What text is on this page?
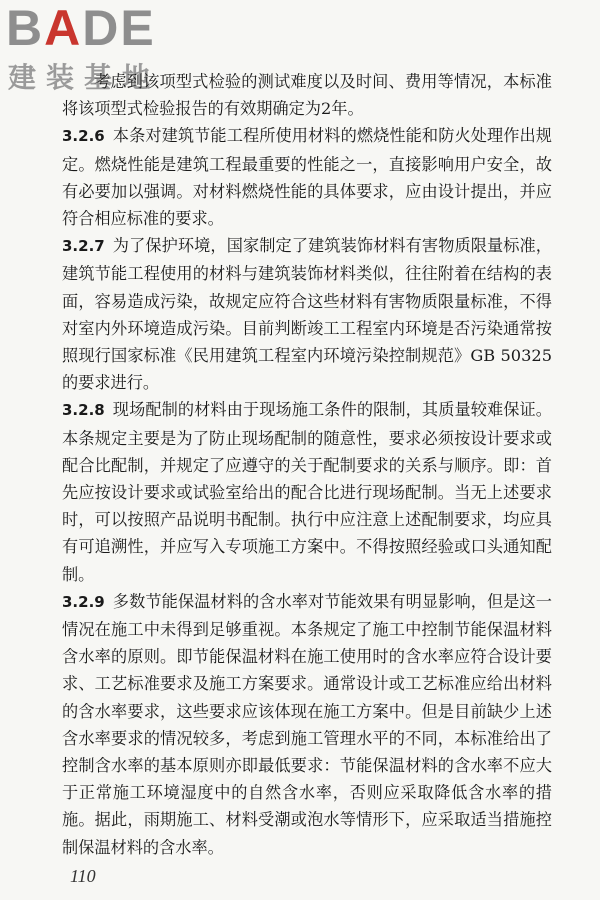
BADE
建装基地

考虑到该项型式检验的测试难度以及时间、费用等情况，本标准将该项型式检验报告的有效期确定为2年。

3.2.6 本条对建筑节能工程所使用材料的燃烧性能和防火处理作出规定。燃烧性能是建筑工程最重要的性能之一，直接影响用户安全，故有必要加以强调。对材料燃烧性能的具体要求，应由设计提出，并应符合相应标准的要求。

3.2.7 为了保护环境，国家制定了建筑装饰材料有害物质限量标准，建筑节能工程使用的材料与建筑装饰材料类似，往往附着在结构的表面，容易造成污染，故规定应符合这些材料有害物质限量标准，不得对室内外环境造成污染。目前判断竣工工程室内环境是否污染通常按照现行国家标准《民用建筑工程室内环境污染控制规范》GB 50325的要求进行。

3.2.8 现场配制的材料由于现场施工条件的限制，其质量较难保证。本条规定主要是为了防止现场配制的随意性，要求必须按设计要求或配合比配制，并规定了应遵守的关于配制要求的关系与顺序。即：首先应按设计要求或试验室给出的配合比进行现场配制。当无上述要求时，可以按照产品说明书配制。执行中应注意上述配制要求，均应具有可追溯性，并应写入专项施工方案中。不得按照经验或口头通知配制。

3.2.9 多数节能保温材料的含水率对节能效果有明显影响，但是这一情况在施工中未得到足够重视。本条规定了施工中控制节能保温材料含水率的原则。即节能保温材料在施工使用时的含水率应符合设计要求、工艺标准要求及施工方案要求。通常设计或工艺标准应给出材料的含水率要求，这些要求应该体现在施工方案中。但是目前缺少上述含水率要求的情况较多，考虑到施工管理水平的不同，本标准给出了控制含水率的基本原则亦即最低要求：节能保温材料的含水率不应大于正常施工环境湿度中的自然含水率，否则应采取降低含水率的措施。据此，雨期施工、材料受潮或泡水等情形下，应采取适当措施控制保温材料的含水率。

110
